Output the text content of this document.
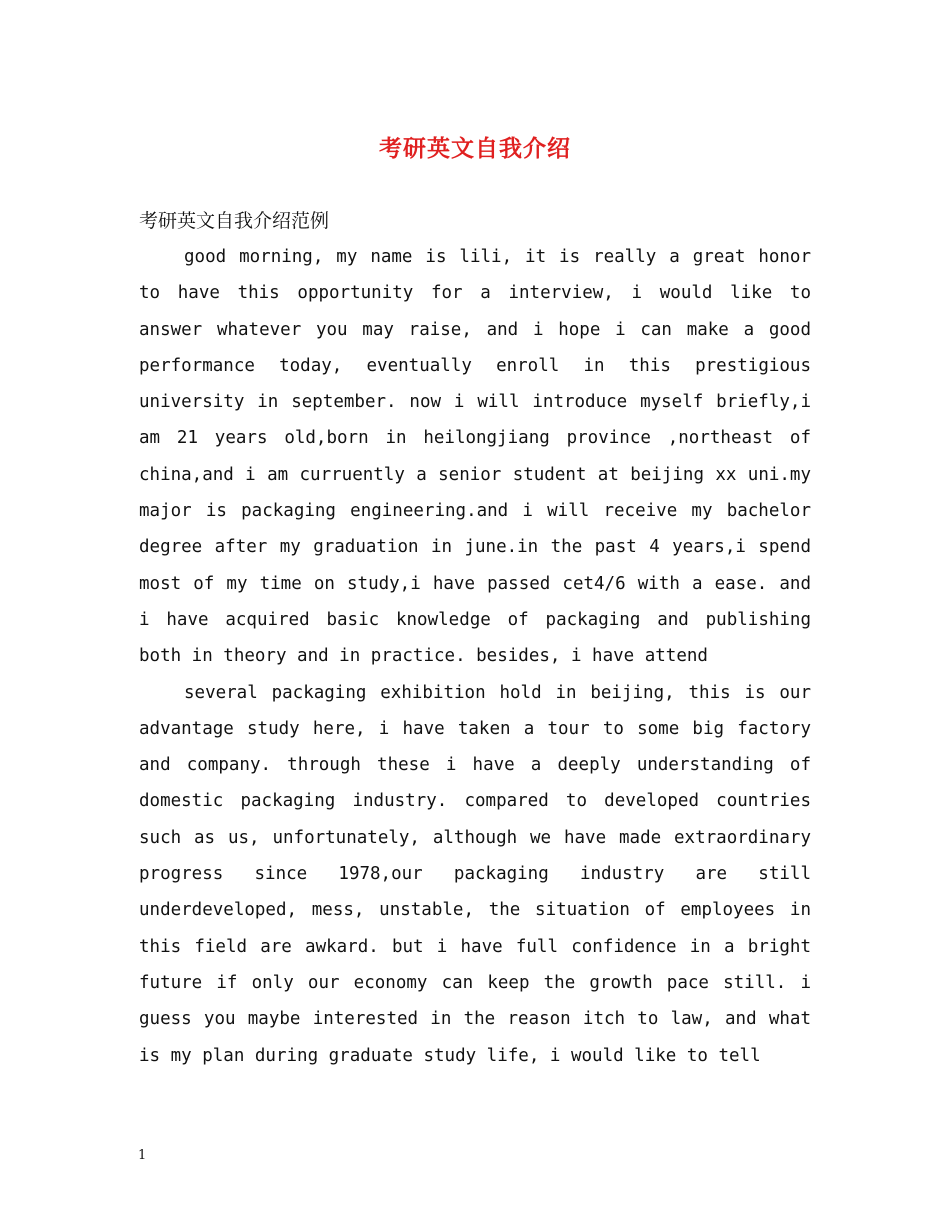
考研英文自我介绍

考研英文自我介绍范例

good morning, my name is lili, it is really a great honor to have this opportunity for a interview, i would like to answer whatever you may raise, and i hope i can make a good performance today, eventually enroll in this prestigious university in september. now i will introduce myself briefly,i am 21 years old,born in heilongjiang province ,northeast of china,and i am curruently a senior student at beijing xx uni.my major is packaging engineering.and i will receive my bachelor degree after my graduation in june.in the past 4 years,i spend most of my time on study,i have passed cet4/6 with a ease. and i have acquired basic knowledge of packaging and publishing both in theory and in practice. besides, i have attend

several packaging exhibition hold in beijing, this is our advantage study here, i have taken a tour to some big factory and company. through these i have a deeply understanding of domestic packaging industry. compared to developed countries such as us, unfortunately, although we have made extraordinary progress since 1978,our packaging industry are still underdeveloped, mess, unstable, the situation of employees in this field are awkard. but i have full confidence in a bright future if only our economy can keep the growth pace still. i guess you maybe interested in the reason itch to law, and what is my plan during graduate study life, i would like to tell

1
